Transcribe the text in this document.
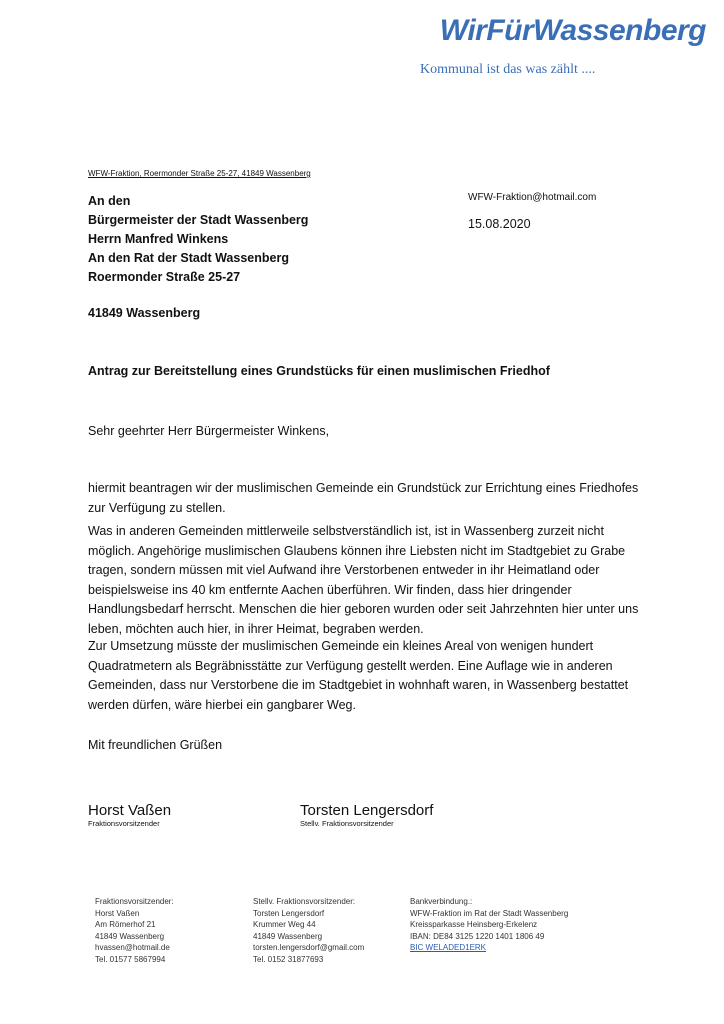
WirFürWassenberg
Kommunal ist das was zählt ....
WFW-Fraktion, Roermonder Straße 25-27, 41849 Wassenberg
An den
Bürgermeister der Stadt Wassenberg
Herrn Manfred Winkens
An den Rat der Stadt Wassenberg
Roermonder Straße 25-27
41849 Wassenberg
WFW-Fraktion@hotmail.com
15.08.2020
Antrag zur Bereitstellung eines Grundstücks für einen muslimischen Friedhof
Sehr geehrter Herr Bürgermeister Winkens,
hiermit beantragen wir der muslimischen Gemeinde ein Grundstück zur Errichtung eines Friedhofes
zur Verfügung zu stellen.
Was in anderen Gemeinden mittlerweile selbstverständlich ist, ist in Wassenberg zurzeit nicht
möglich. Angehörige muslimischen Glaubens können ihre Liebsten nicht im Stadtgebiet zu Grabe
tragen, sondern müssen mit viel Aufwand ihre Verstorbenen entweder in ihr Heimatland oder
beispielsweise ins 40 km entfernte Aachen überführen. Wir finden, dass hier dringender
Handlungsbedarf herrscht. Menschen die hier geboren wurden oder seit Jahrzehnten hier unter uns
leben, möchten auch hier, in ihrer Heimat, begraben werden.
Zur Umsetzung müsste der muslimischen Gemeinde ein kleines Areal von wenigen hundert
Quadratmetern als Begräbnisstätte zur Verfügung gestellt werden. Eine Auflage wie in anderen
Gemeinden, dass nur Verstorbene die im Stadtgebiet in wohnhaft waren, in Wassenberg bestattet
werden dürfen, wäre hierbei ein gangbarer Weg.
Mit freundlichen Grüßen
Horst Vaßen
Fraktionsvorsitzender
Torsten Lengersdorf
Stellv. Fraktionsvorsitzender
Fraktionsvorsitzender:
Horst Vaßen
Am Römerhof 21
41849 Wassenberg
hvassen@hotmail.de
Tel. 01577 5867994
Stellv. Fraktionsvorsitzender:
Torsten Lengersdorf
Krummer Weg 44
41849 Wassenberg
torsten.lengersdorf@gmail.com
Tel. 0152 31877693
Bankverbindung.:
WFW-Fraktion im Rat der Stadt Wassenberg
Kreissparkasse Heinsberg-Erkelenz
IBAN: DE84 3125 1220 1401 1806 49
BIC WELADED1ERK
